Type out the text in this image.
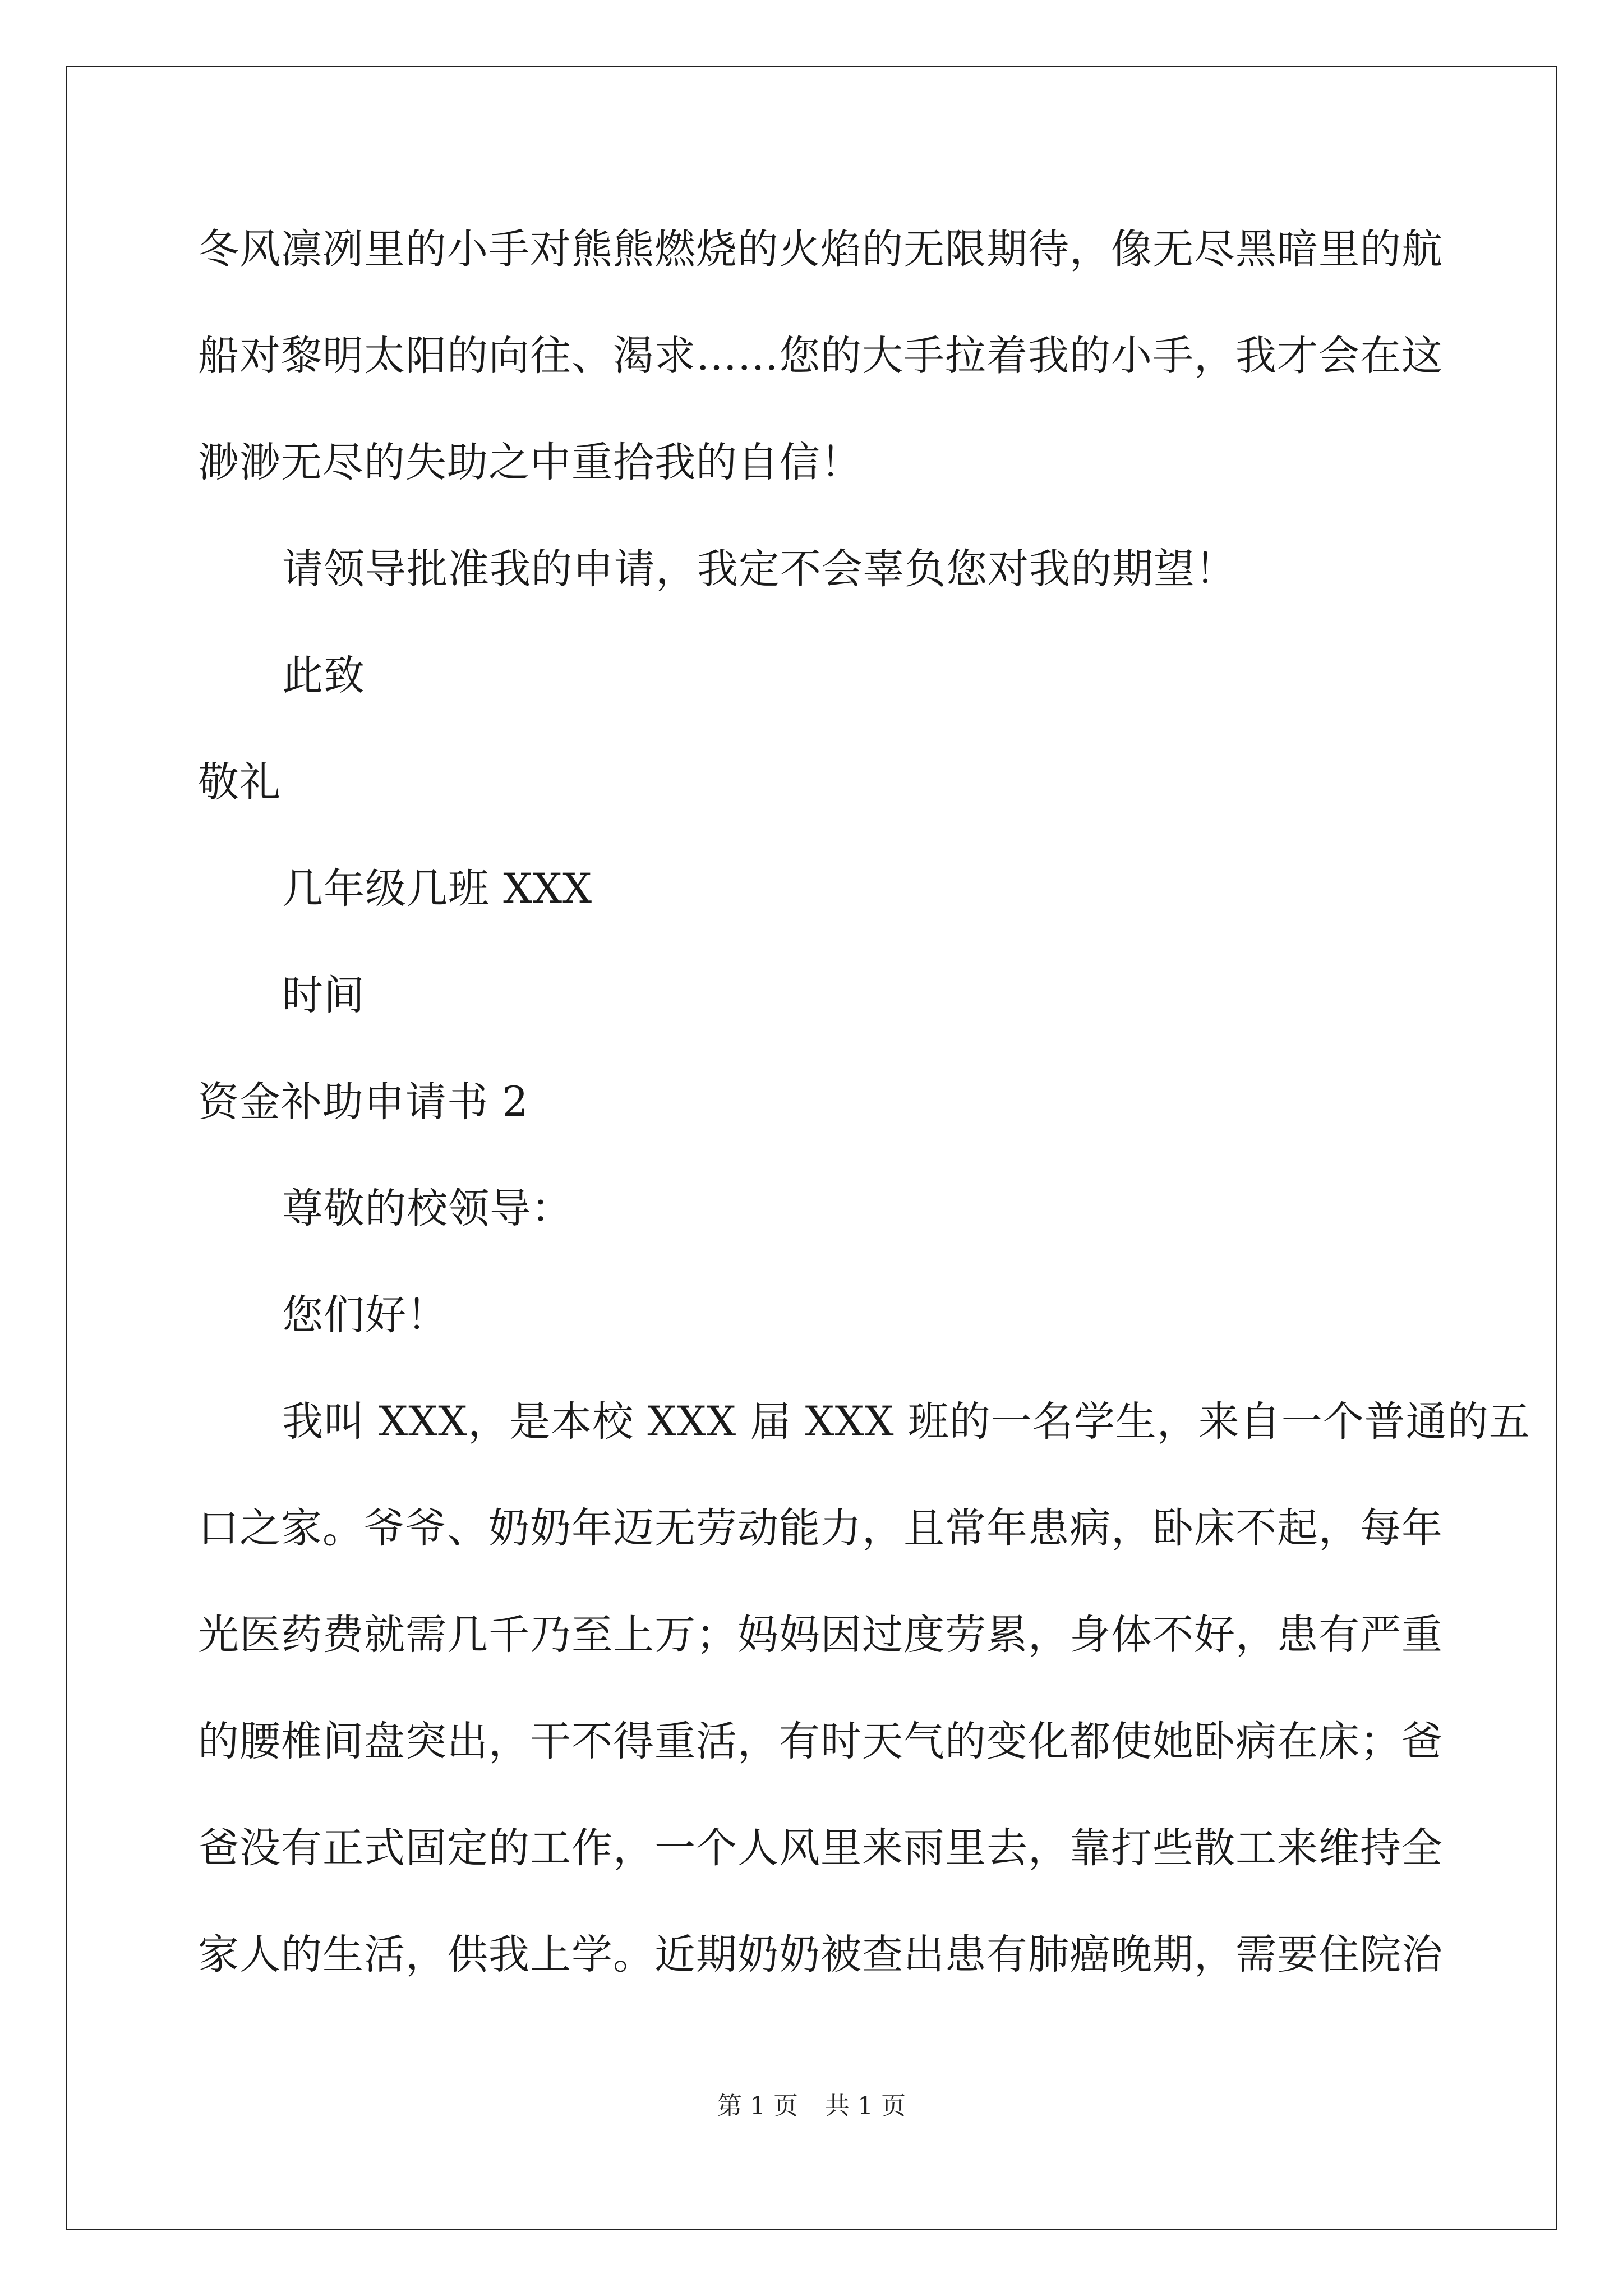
冬风凛冽里的小手对熊熊燃烧的火焰的无限期待，像无尽黑暗里的航

船对黎明太阳的向往、渴求……您的大手拉着我的小手，我才会在这

渺渺无尽的失助之中重拾我的自信！

请领导批准我的申请，我定不会辜负您对我的期望！

此致

敬礼

几年级几班 XXX

时间

资金补助申请书 2

尊敬的校领导：

您们好！

我叫 XXX，是本校 XXX 届 XXX 班的一名学生，来自一个普通的五

口之家。爷爷、奶奶年迈无劳动能力，且常年患病，卧床不起，每年

光医药费就需几千乃至上万；妈妈因过度劳累，身体不好，患有严重

的腰椎间盘突出，干不得重活，有时天气的变化都使她卧病在床；爸

爸没有正式固定的工作，一个人风里来雨里去，靠打些散工来维持全

家人的生活，供我上学。近期奶奶被查出患有肺癌晚期，需要住院治

第 1 页 共 1 页
